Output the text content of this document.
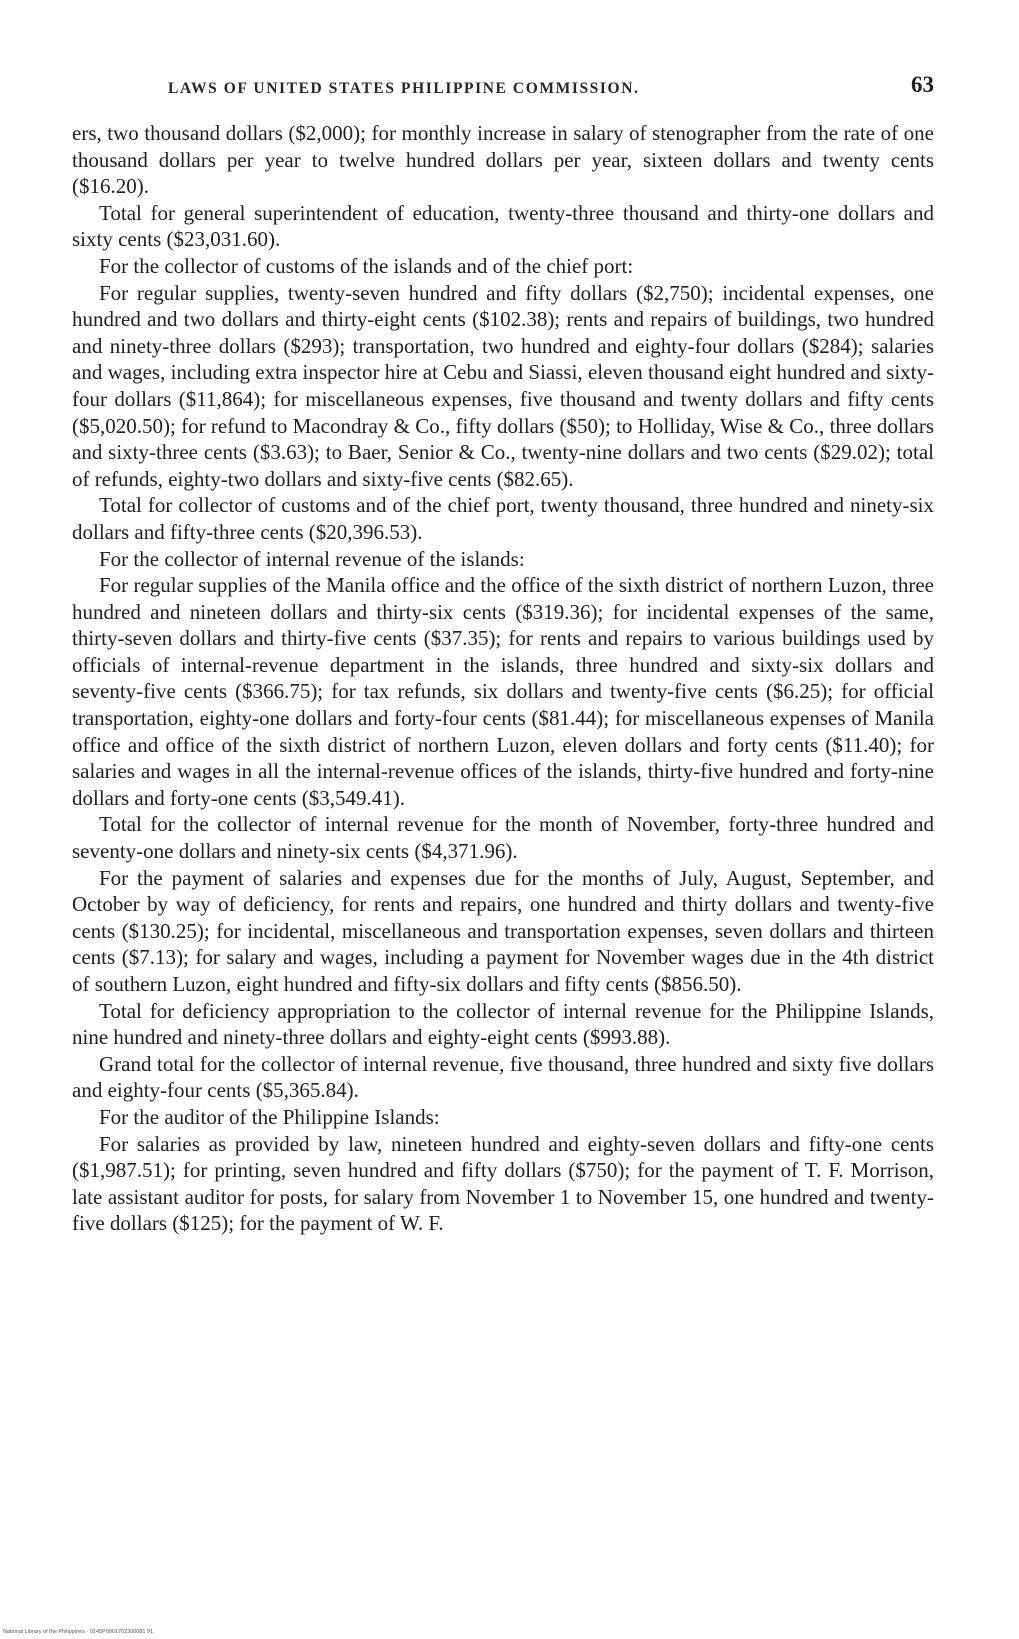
LAWS OF UNITED STATES PHILIPPINE COMMISSION.	63

ers, two thousand dollars ($2,000); for monthly increase in salary of stenographer from the rate of one thousand dollars per year to twelve hundred dollars per year, sixteen dollars and twenty cents ($16.20).

Total for general superintendent of education, twenty-three thousand and thirty-one dollars and sixty cents ($23,031.60).

For the collector of customs of the islands and of the chief port:

For regular supplies, twenty-seven hundred and fifty dollars ($2,750); incidental expenses, one hundred and two dollars and thirty-eight cents ($102.38); rents and repairs of buildings, two hundred and ninety-three dollars ($293); transportation, two hundred and eighty-four dollars ($284); salaries and wages, including extra inspector hire at Cebu and Siassi, eleven thousand eight hundred and sixty-four dollars ($11,864); for miscellaneous expenses, five thousand and twenty dollars and fifty cents ($5,020.50); for refund to Macondray & Co., fifty dollars ($50); to Holliday, Wise & Co., three dollars and sixty-three cents ($3.63); to Baer, Senior & Co., twenty-nine dollars and two cents ($29.02); total of refunds, eighty-two dollars and sixty-five cents ($82.65).

Total for collector of customs and of the chief port, twenty thousand, three hundred and ninety-six dollars and fifty-three cents ($20,396.53).

For the collector of internal revenue of the islands:

For regular supplies of the Manila office and the office of the sixth district of northern Luzon, three hundred and nineteen dollars and thirty-six cents ($319.36); for incidental expenses of the same, thirty-seven dollars and thirty-five cents ($37.35); for rents and repairs to various buildings used by officials of internal-revenue department in the islands, three hundred and sixty-six dollars and seventy-five cents ($366.75); for tax refunds, six dollars and twenty-five cents ($6.25); for official transportation, eighty-one dollars and forty-four cents ($81.44); for miscellaneous expenses of Manila office and office of the sixth district of northern Luzon, eleven dollars and forty cents ($11.40); for salaries and wages in all the internal-revenue offices of the islands, thirty-five hundred and forty-nine dollars and forty-one cents ($3,549.41).

Total for the collector of internal revenue for the month of November, forty-three hundred and seventy-one dollars and ninety-six cents ($4,371.96).

For the payment of salaries and expenses due for the months of July, August, September, and October by way of deficiency, for rents and repairs, one hundred and thirty dollars and twenty-five cents ($130.25); for incidental, miscellaneous and transportation expenses, seven dollars and thirteen cents ($7.13); for salary and wages, including a payment for November wages due in the 4th district of southern Luzon, eight hundred and fifty-six dollars and fifty cents ($856.50).

Total for deficiency appropriation to the collector of internal revenue for the Philippine Islands, nine hundred and ninety-three dollars and eighty-eight cents ($993.88).

Grand total for the collector of internal revenue, five thousand, three hundred and sixty five dollars and eighty-four cents ($5,365.84).

For the auditor of the Philippine Islands:

For salaries as provided by law, nineteen hundred and eighty-seven dollars and fifty-one cents ($1,987.51); for printing, seven hundred and fifty dollars ($750); for the payment of T. F. Morrison, late assistant auditor for posts, for salary from November 1 to November 15, one hundred and twenty-five dollars ($125); for the payment of W. F.

National Library of the Philippines · 0145P0001702300081 91
